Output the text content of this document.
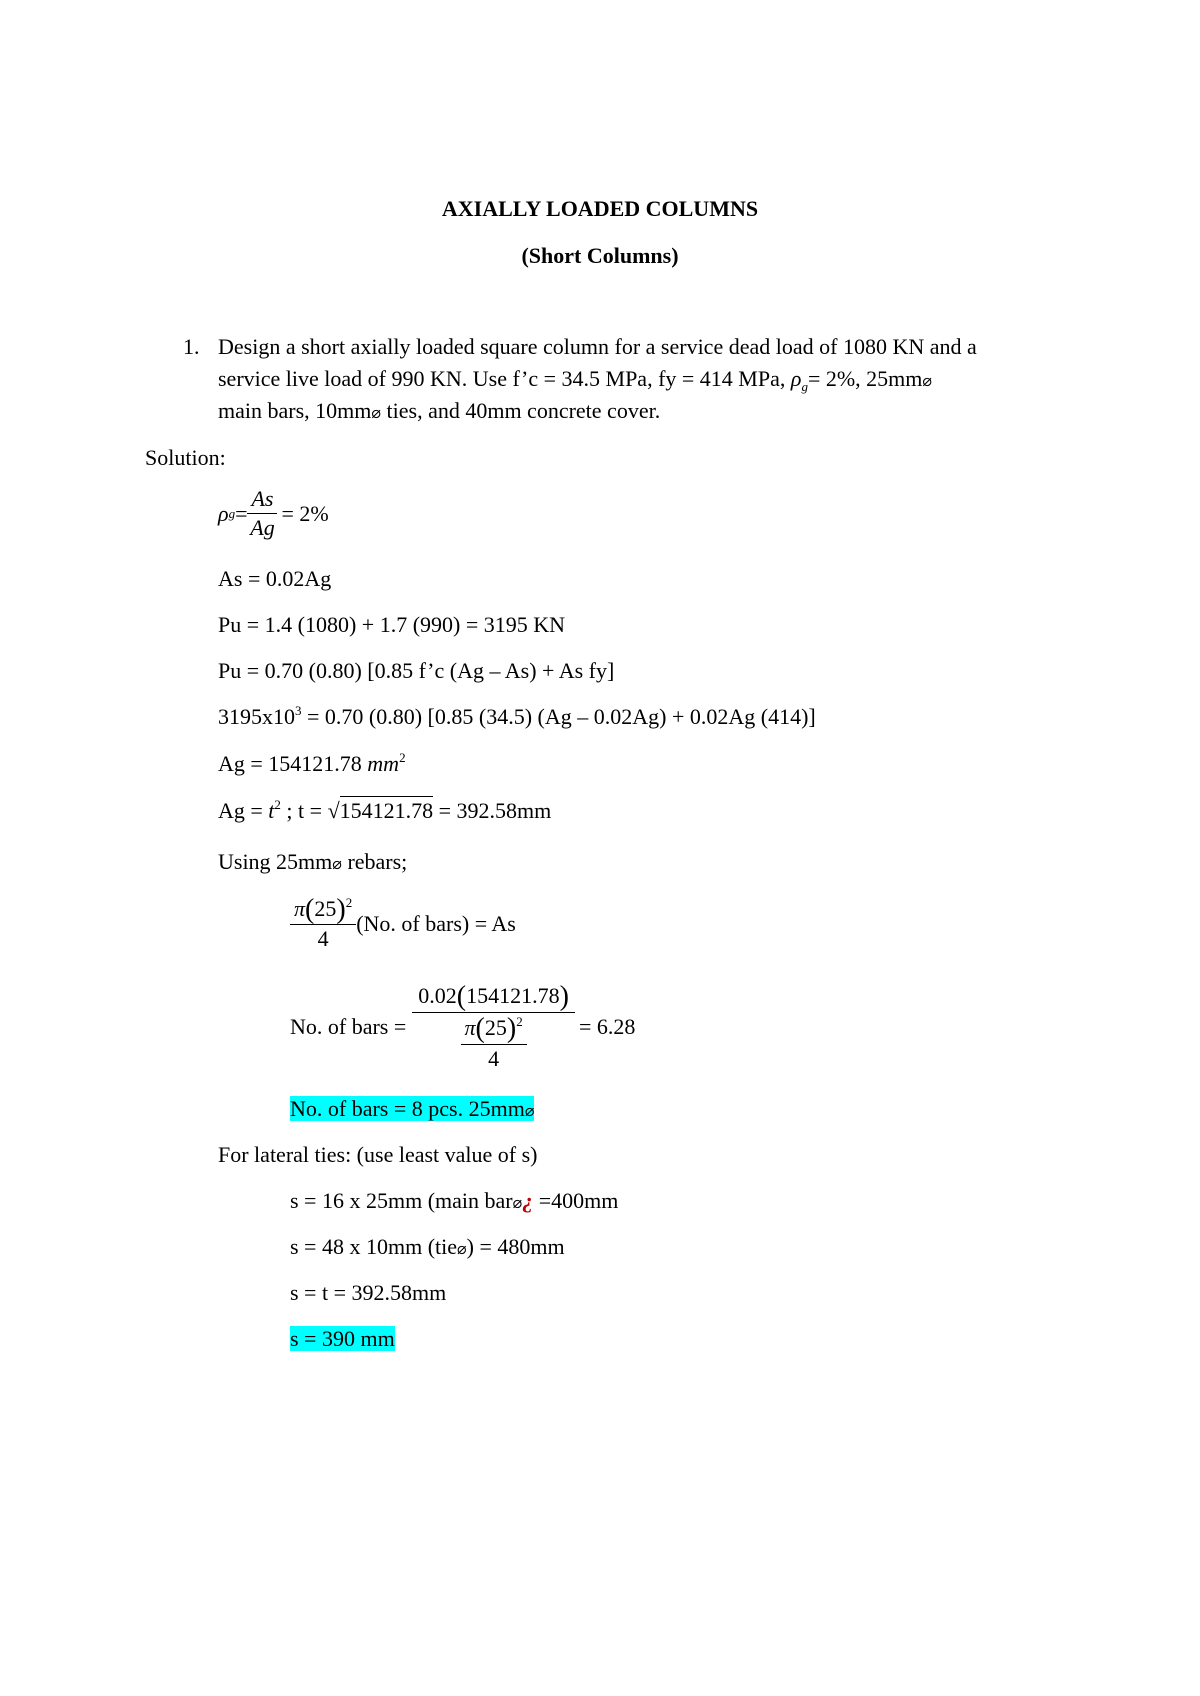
AXIALLY LOADED COLUMNS
(Short Columns)
1. Design a short axially loaded square column for a service dead load of 1080 KN and a
service live load of 990 KN. Use f’c = 34.5 MPa, fy = 414 MPa, $\rho_g= 2\%$, 25mm⌀
main bars, 10mm⌀ ties, and 40mm concrete cover.
Solution:
ρ $g = \frac{As}{Ag} = 2\%$
As = 0.02Ag
Pu = 1.4 (1080) + 1.7 (990) = 3195 KN
Pu = 0.70 (0.80) [0.85 f’c (Ag – As) + As fy]
$3195x10^3 = 0.70$ (0.80) [0.85 (34.5) (Ag – 0.02Ag) + 0.02Ag (414)]
Ag = 154121.78 $mm^2$
$Ag = t^2$ ; t = √154121.78 = 392.58mm
Using 25mm⌀ rebars;
$\frac{\pi(25)^2}{4} (No$. of bars) = As
No. of bars = $\frac{0.02(154121.78)}{\frac{\pi(25)^2}{4}} = 6.28$
No. of bars = 8 pcs. 25mm⌀
For lateral ties: (use least value of s)
s = 16 x 25mm (main bar⌀¿ =400mm
s = 48 x 10mm (tie⌀) = 480mm
s = t = 392.58mm
s = 390 mm
